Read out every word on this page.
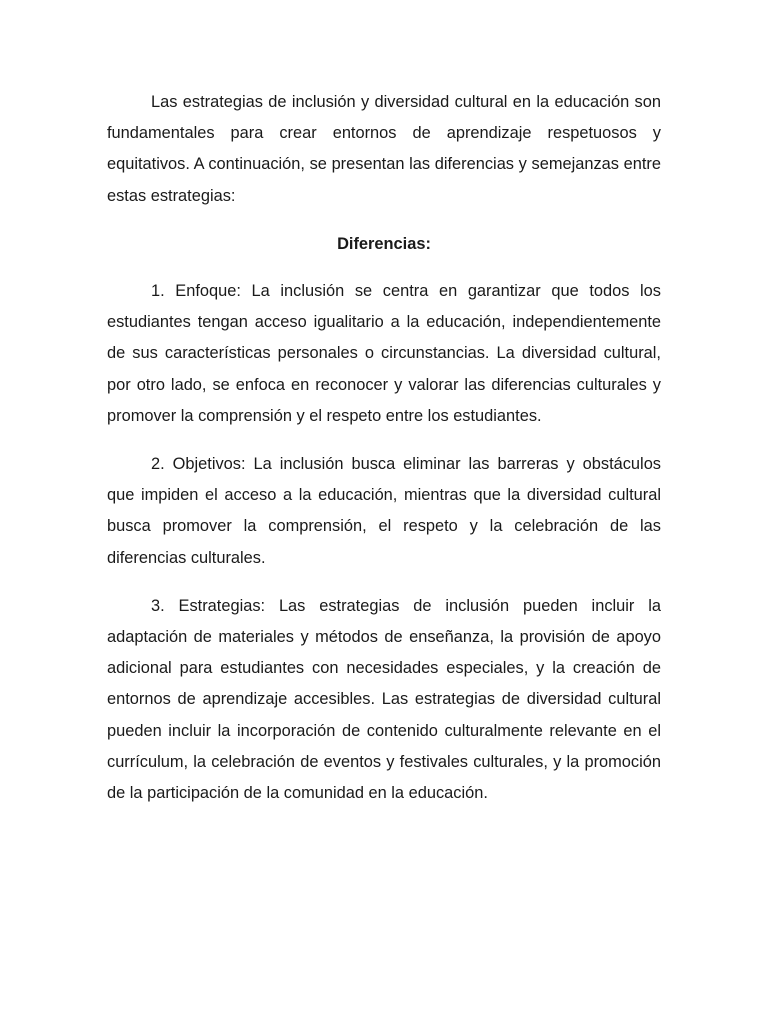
Las estrategias de inclusión y diversidad cultural en la educación son fundamentales para crear entornos de aprendizaje respetuosos y equitativos. A continuación, se presentan las diferencias y semejanzas entre estas estrategias:

Diferencias:

1. Enfoque: La inclusión se centra en garantizar que todos los estudiantes tengan acceso igualitario a la educación, independientemente de sus características personales o circunstancias. La diversidad cultural, por otro lado, se enfoca en reconocer y valorar las diferencias culturales y promover la comprensión y el respeto entre los estudiantes.

2. Objetivos: La inclusión busca eliminar las barreras y obstáculos que impiden el acceso a la educación, mientras que la diversidad cultural busca promover la comprensión, el respeto y la celebración de las diferencias culturales.

3. Estrategias: Las estrategias de inclusión pueden incluir la adaptación de materiales y métodos de enseñanza, la provisión de apoyo adicional para estudiantes con necesidades especiales, y la creación de entornos de aprendizaje accesibles. Las estrategias de diversidad cultural pueden incluir la incorporación de contenido culturalmente relevante en el currículum, la celebración de eventos y festivales culturales, y la promoción de la participación de la comunidad en la educación.
